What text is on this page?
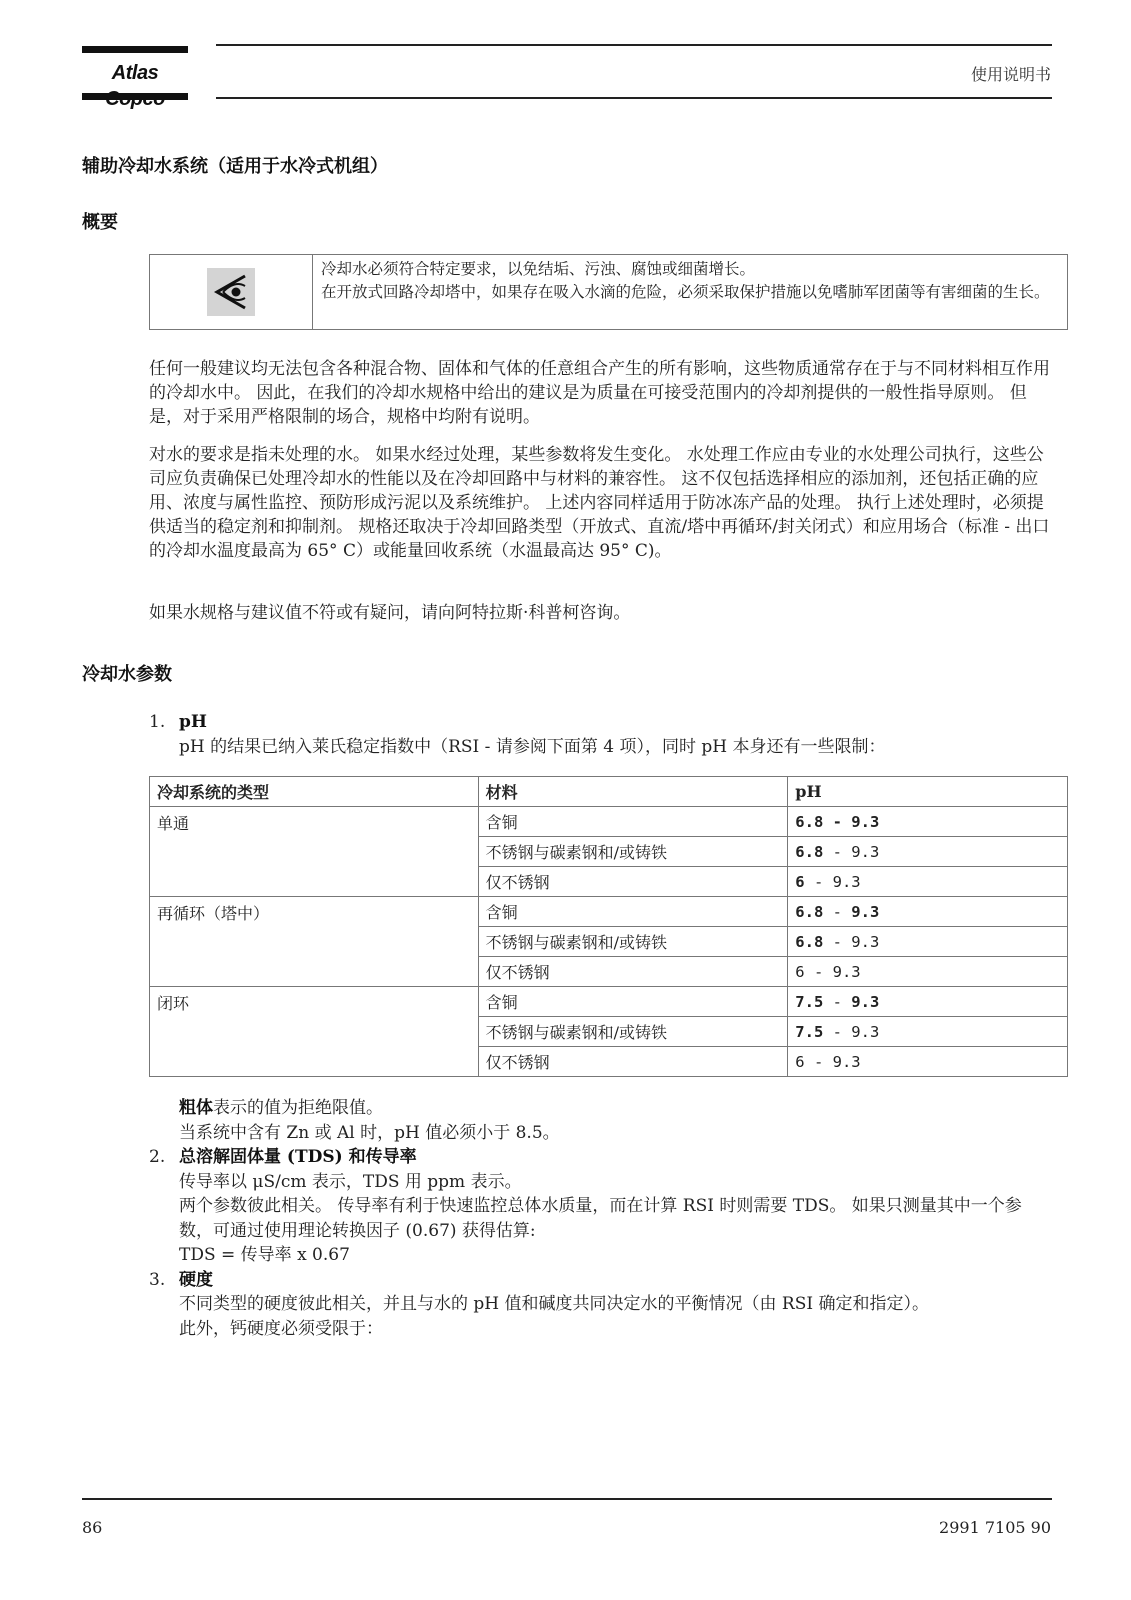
Atlas	使用说明书
辅助冷却水系统（适用于水冷式机组）
概要
冷却水必须符合特定要求，以免结垢、污浊、腐蚀或细菌增长。
在开放式回路冷却塔中，如果存在吸入水滴的危险，必须采取保护措施以免嗜肺军团菌等有害细菌的生长。
任何一般建议均无法包含各种混合物、固体和气体的任意组合产生的所有影响，这些物质通常存在于与不同材料相互作用的冷却水中。 因此，在我们的冷却水规格中给出的建议是为质量在可接受范围内的冷却剂提供的一般性指导原则。 但是，对于采用严格限制的场合，规格中均附有说明。
对水的要求是指未处理的水。 如果水经过处理，某些参数将发生变化。 水处理工作应由专业的水处理公司执行，这些公司应负责确保已处理冷却水的性能以及在冷却回路中与材料的兼容性。 这不仅包括选择相应的添加剂，还包括正确的应用、浓度与属性监控、预防形成污泥以及系统维护。 上述内容同样适用于防冰冻产品的处理。 执行上述处理时，必须提供适当的稳定剂和抑制剂。 规格还取决于冷却回路类型（开放式、直流/塔中再循环/封关闭式）和应用场合（标准 - 出口的冷却水温度最高为 65° C）或能量回收系统（水温最高达 95° C)。
如果水规格与建议值不符或有疑问，请向阿特拉斯·科普柯咨询。
冷却水参数
1. pH
pH 的结果已纳入莱氏稳定指数中（RSI - 请参阅下面第 4 项），同时 pH 本身还有一些限制：
冷却系统的类型	材料	pH
单通	含铜	6.8 - 9.3
	不锈钢与碳素钢和/或铸铁	6.8 - 9.3
	仅不锈钢	6 - 9.3
再循环（塔中）	含铜	6.8 - 9.3
	不锈钢与碳素钢和/或铸铁	6.8 - 9.3
	仅不锈钢	6 - 9.3
闭环	含铜	7.5 - 9.3
	不锈钢与碳素钢和/或铸铁	7.5 - 9.3
	仅不锈钢	6 - 9.3
粗体表示的值为拒绝限值。
当系统中含有 Zn 或 Al 时，pH 值必须小于 8.5。
2. 总溶解固体量 (TDS) 和传导率
传导率以 μS/cm 表示，TDS 用 ppm 表示。
两个参数彼此相关。 传导率有利于快速监控总体水质量，而在计算 RSI 时则需要 TDS。 如果只测量其中一个参数，可通过使用理论转换因子 (0.67) 获得估算:
TDS = 传导率 x 0.67
3. 硬度
不同类型的硬度彼此相关，并且与水的 pH 值和碱度共同决定水的平衡情况（由 RSI 确定和指定）。
此外，钙硬度必须受限于：
86	2991 7105 90
